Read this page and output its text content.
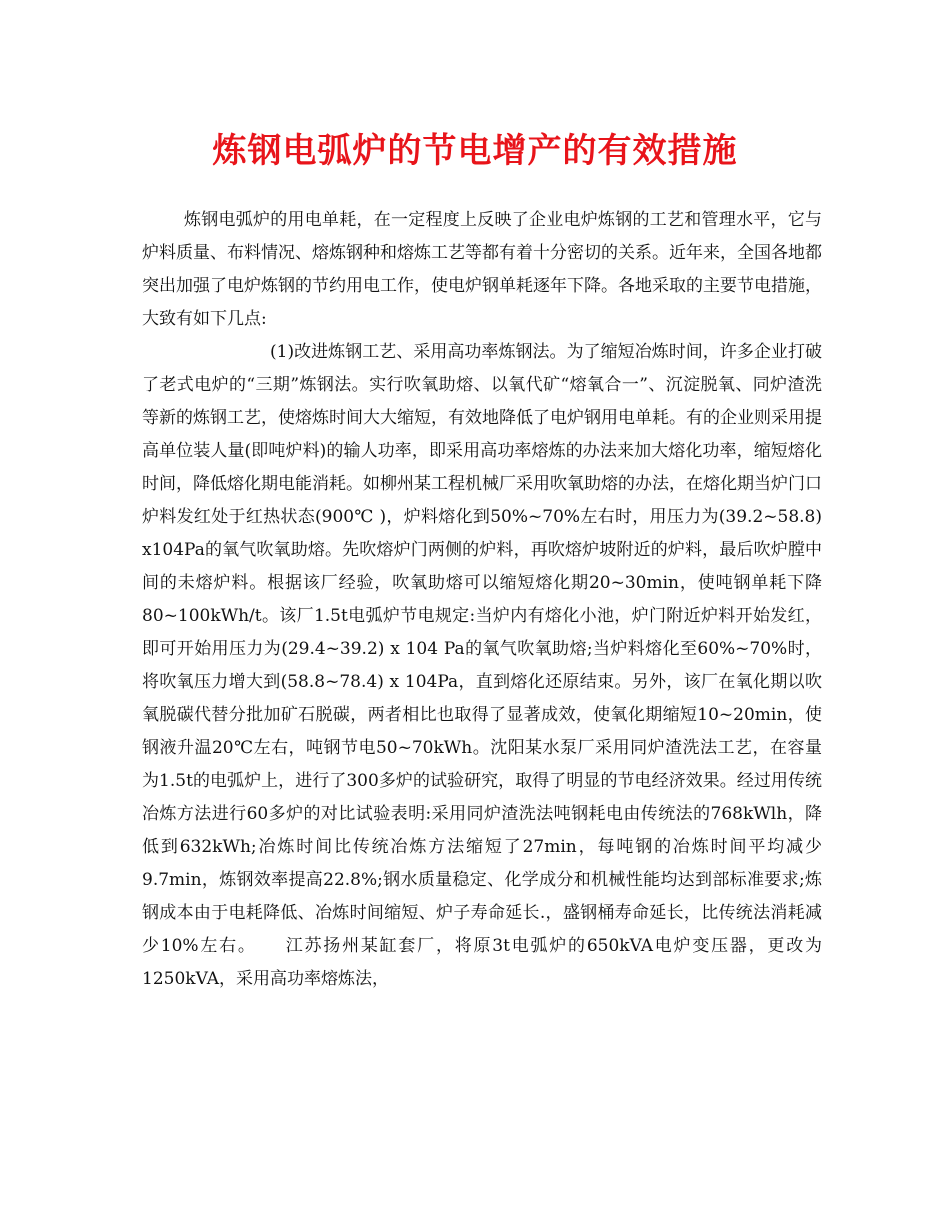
炼钢电弧炉的节电增产的有效措施

炼钢电弧炉的用电单耗，在一定程度上反映了企业电炉炼钢的工艺和管理水平，它与炉料质量、布料情况、熔炼钢种和熔炼工艺等都有着十分密切的关系。近年来，全国各地都突出加强了电炉炼钢的节约用电工作，使电炉钢单耗逐年下降。各地采取的主要节电措施，大致有如下几点:

(1)改进炼钢工艺、采用高功率炼钢法。为了缩短冶炼时间，许多企业打破了老式电炉的“三期”炼钢法。实行吹氧助熔、以氧代矿“熔氧合一”、沉淀脱氧、同炉渣洗等新的炼钢工艺，使熔炼时间大大缩短，有效地降低了电炉钢用电单耗。有的企业则采用提高单位装人量(即吨炉料)的输人功率，即采用高功率熔炼的办法来加大熔化功率，缩短熔化时间，降低熔化期电能消耗。如柳州某工程机械厂采用吹氧助熔的办法，在熔化期当炉门口炉料发红处于红热状态(900℃ )，炉料熔化到50%~70%左右时，用压力为(39.2~58.8) x104Pa的氧气吹氧助熔。先吹熔炉门两侧的炉料，再吹熔炉坡附近的炉料，最后吹炉膛中间的未熔炉料。根据该厂经验，吹氧助熔可以缩短熔化期20~30min，使吨钢单耗下降80~100kWh/t。该厂1.5t电弧炉节电规定:当炉内有熔化小池，炉门附近炉料开始发红，即可开始用压力为(29.4~39.2) x 104 Pa的氧气吹氧助熔;当炉料熔化至60%~70%时，将吹氧压力增大到(58.8~78.4) x 104Pa，直到熔化还原结束。另外，该厂在氧化期以吹氧脱碳代替分批加矿石脱碳，两者相比也取得了显著成效，使氧化期缩短10~20min，使钢液升温20℃左右，吨钢节电50~70kWh。沈阳某水泵厂采用同炉渣洗法工艺，在容量为1.5t的电弧炉上，进行了300多炉的试验研究，取得了明显的节电经济效果。经过用传统冶炼方法进行60多炉的对比试验表明:采用同炉渣洗法吨钢耗电由传统法的768kWlh，降低到632kWh;冶炼时间比传统冶炼方法缩短了27min，每吨钢的冶炼时间平均减少9.7min，炼钢效率提高22.8%;钢水质量稳定、化学成分和机械性能均达到部标准要求;炼钢成本由于电耗降低、冶炼时间缩短、炉子寿命延长.，盛钢桶寿命延长，比传统法消耗减少10%左右。　　江苏扬州某缸套厂，将原3t电弧炉的650kVA电炉变压器，更改为1250kVA，采用高功率熔炼法，
